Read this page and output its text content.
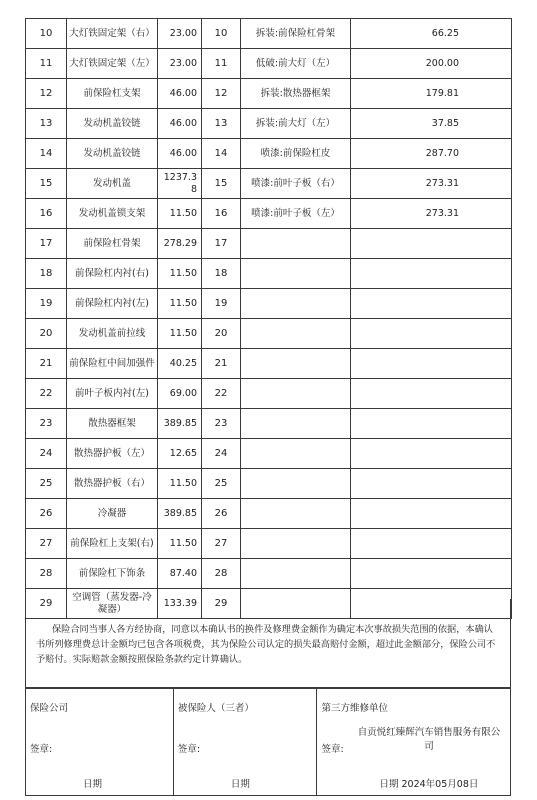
10	大灯铁固定架（右）	23.00	10	拆装:前保险杠骨架	66.25
11	大灯铁固定架（左）	23.00	11	低破:前大灯（左）	200.00
12	前保险杠支架	46.00	12	拆装:散热器框架	179.81
13	发动机盖铰链	46.00	13	拆装:前大灯（左）	37.85
14	发动机盖铰链	46.00	14	喷漆:前保险杠皮	287.70
15	发动机盖	1237.38	15	喷漆:前叶子板（右）	273.31
16	发动机盖锁支架	11.50	16	喷漆:前叶子板（左）	273.31
17	前保险杠骨架	278.29	17		
18	前保险杠内衬(右)	11.50	18		
19	前保险杠内衬(左)	11.50	19		
20	发动机盖前拉线	11.50	20		
21	前保险杠中间加强件	40.25	21		
22	前叶子板内衬(左)	69.00	22		
23	散热器框架	389.85	23		
24	散热器护板（左）	12.65	24		
25	散热器护板（右）	11.50	25		
26	冷凝器	389.85	26		
27	前保险杠上支架(右)	11.50	27		
28	前保险杠下饰条	87.40	28		
29	空调管（蒸发器-冷凝器）	133.39	29		

保险合同当事人各方经协商，同意以本确认书的换件及修理费金额作为确定本次事故损失范围的依据，本确认书所列修理费总计金额均已包含各项税费，其为保险公司认定的损失最高赔付金额，超过此金额部分，保险公司不予赔付。实际赔款金额按照保险条款约定计算确认。

保险公司
签章:
日期
被保险人（三者）
签章:
日期
第三方维修单位
自贡悦红臻辉汽车销售服务有限公司
签章:
日期 2024年05月08日
